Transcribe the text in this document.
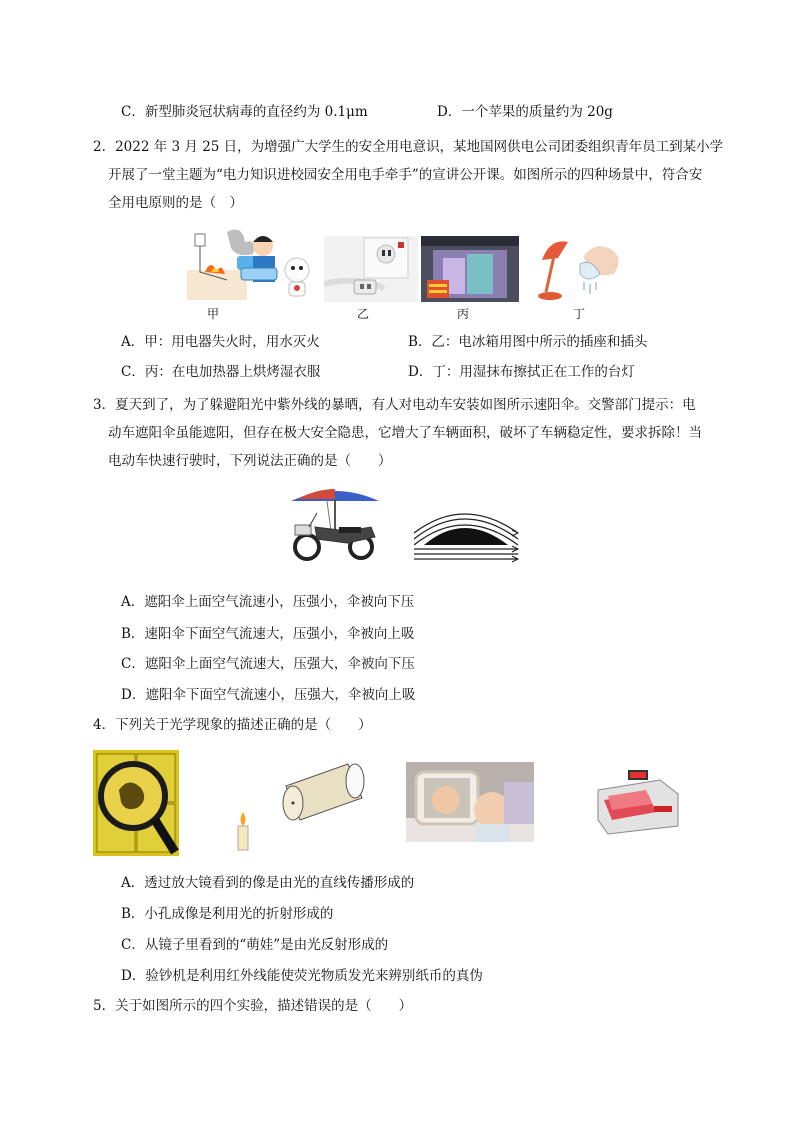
C．新型肺炎冠状病毒的直径约为 0.1μm	D．一个苹果的质量约为 20g
2．2022 年 3 月 25 日，为增强广大学生的安全用电意识，某地国网供电公司团委组织青年员工到某小学
开展了一堂主题为“电力知识进校园安全用电手牵手”的宣讲公开课。如图所示的四种场景中，符合安
全用电原则的是（　）
甲	乙	丙	丁
A．甲：用电器失火时，用水灭火	B．乙：电冰箱用图中所示的插座和插头
C．丙：在电加热器上烘烤湿衣服	D．丁：用湿抹布擦拭正在工作的台灯
3．夏天到了，为了躲避阳光中紫外线的暴晒，有人对电动车安装如图所示速阳伞。交警部门提示：电
动车遮阳伞虽能遮阳，但存在极大安全隐患，它增大了车辆面积，破坏了车辆稳定性，要求拆除！当
电动车快速行驶时，下列说法正确的是（　　）
A．遮阳伞上面空气流速小，压强小，伞被向下压
B．速阳伞下面空气流速大，压强小，伞被向上吸
C．遮阳伞上面空气流速大，压强大，伞被向下压
D．遮阳伞下面空气流速小，压强大，伞被向上吸
4．下列关于光学现象的描述正确的是（　　）
A．透过放大镜看到的像是由光的直线传播形成的
B．小孔成像是利用光的折射形成的
C．从镜子里看到的“萌娃”是由光反射形成的
D．验钞机是利用红外线能使荧光物质发光来辨别纸币的真伪
5．关于如图所示的四个实验，描述错误的是（　　）
